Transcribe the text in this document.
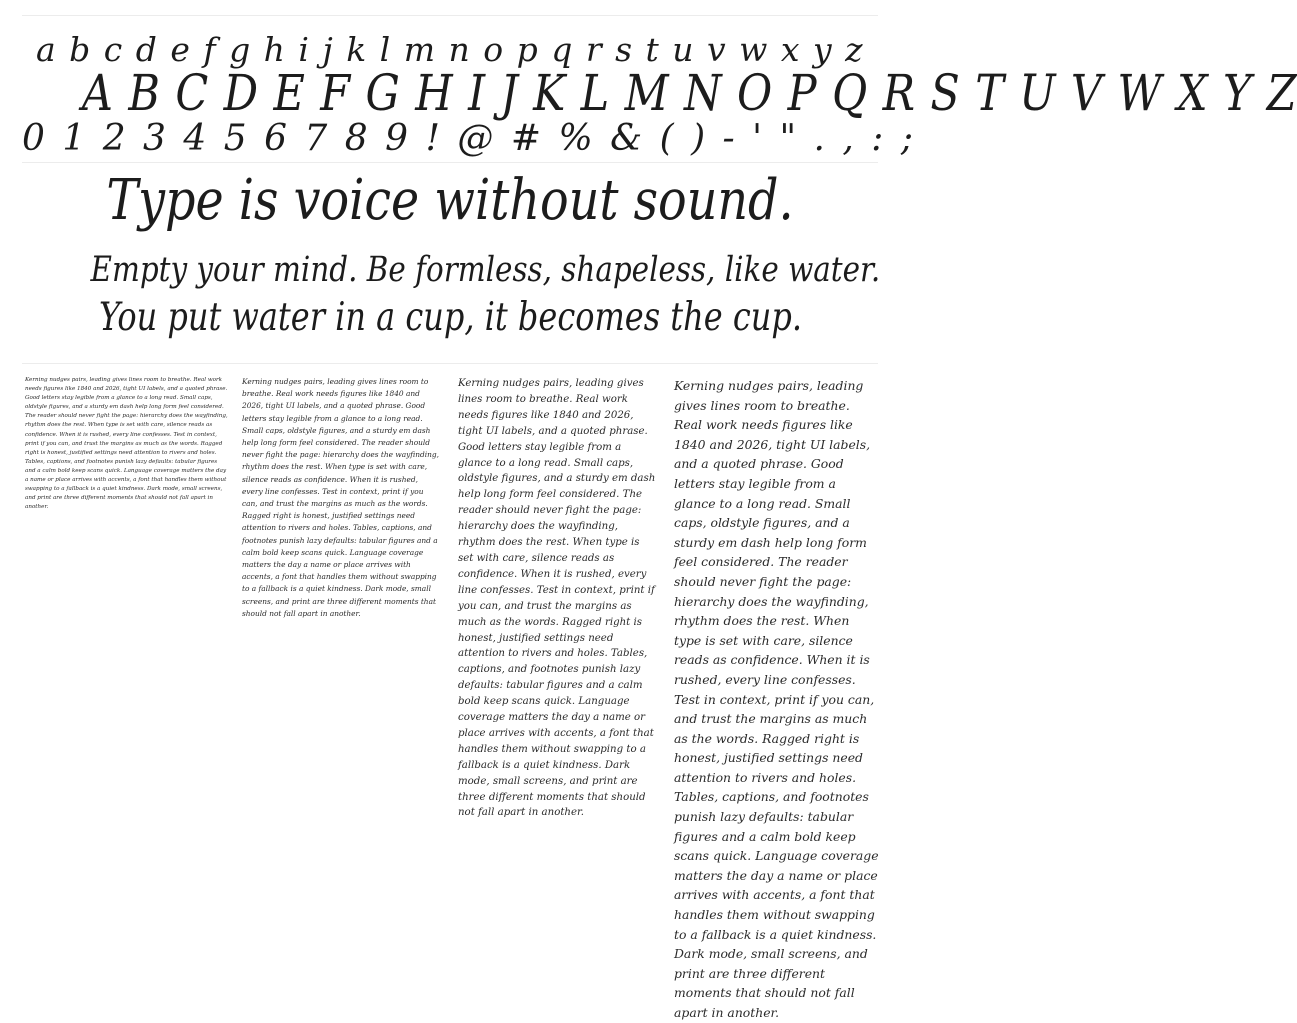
a b c d e f g h i j k l m n o p q r s t u v w x y z
A B C D E F G H I J K L M N O P Q R S T U V W X Y Z
0 1 2 3 4 5 6 7 8 9 ! @ # % & ( ) - ' " . , : ;
Type is voice without sound.
Empty your mind. Be formless, shapeless, like water.
You put water in a cup, it becomes the cup.
Kerning nudges pairs, leading gives lines room to breathe. Real work needs figures like 1840 and 2026, tight UI labels, and a quoted phrase. Good letters stay legible from a glance to a long read. Small caps, oldstyle figures, and a sturdy em dash help long form feel considered. The reader should never fight the page: hierarchy does the wayfinding, rhythm does the rest. When type is set with care, silence reads as confidence. When it is rushed, every line confesses. Test in context, print if you can, and trust the margins as much as the words. Ragged right is honest, justified settings need attention to rivers and holes. Tables, captions, and footnotes punish lazy defaults: tabular figures and a calm bold keep scans quick. Language coverage matters the day a name or place arrives with accents, a font that handles them without swapping to a fallback is a quiet kindness. Dark mode, small screens, and print are three different moments that should not fall apart in another.
Kerning nudges pairs, leading gives lines room to breathe. Real work needs figures like 1840 and 2026, tight UI labels, and a quoted phrase. Good letters stay legible from a glance to a long read. Small caps, oldstyle figures, and a sturdy em dash help long form feel considered. The reader should never fight the page: hierarchy does the wayfinding, rhythm does the rest. When type is set with care, silence reads as confidence. When it is rushed, every line confesses. Test in context, print if you can, and trust the margins as much as the words. Ragged right is honest, justified settings need attention to rivers and holes. Tables, captions, and footnotes punish lazy defaults: tabular figures and a calm bold keep scans quick. Language coverage matters the day a name or place arrives with accents, a font that handles them without swapping to a fallback is a quiet kindness. Dark mode, small screens, and print are three different moments that should not fall apart in another.
Kerning nudges pairs, leading gives lines room to breathe. Real work needs figures like 1840 and 2026, tight UI labels, and a quoted phrase. Good letters stay legible from a glance to a long read. Small caps, oldstyle figures, and a sturdy em dash help long form feel considered. The reader should never fight the page: hierarchy does the wayfinding, rhythm does the rest. When type is set with care, silence reads as confidence. When it is rushed, every line confesses. Test in context, print if you can, and trust the margins as much as the words. Ragged right is honest, justified settings need attention to rivers and holes. Tables, captions, and footnotes punish lazy defaults: tabular figures and a calm bold keep scans quick. Language coverage matters the day a name or place arrives with accents, a font that handles them without swapping to a fallback is a quiet kindness. Dark mode, small screens, and print are three different moments that should not fall apart in another.
Kerning nudges pairs, leading gives lines room to breathe. Real work needs figures like 1840 and 2026, tight UI labels, and a quoted phrase. Good letters stay legible from a glance to a long read. Small caps, oldstyle figures, and a sturdy em dash help long form feel considered. The reader should never fight the page: hierarchy does the wayfinding, rhythm does the rest. When type is set with care, silence reads as confidence. When it is rushed, every line confesses. Test in context, print if you can, and trust the margins as much as the words. Ragged right is honest, justified settings need attention to rivers and holes. Tables, captions, and footnotes punish lazy defaults: tabular figures and a calm bold keep scans quick. Language coverage matters the day a name or place arrives with accents, a font that handles them without swapping to a fallback is a quiet kindness. Dark mode, small screens, and print are three different moments that should not fall apart in another.
